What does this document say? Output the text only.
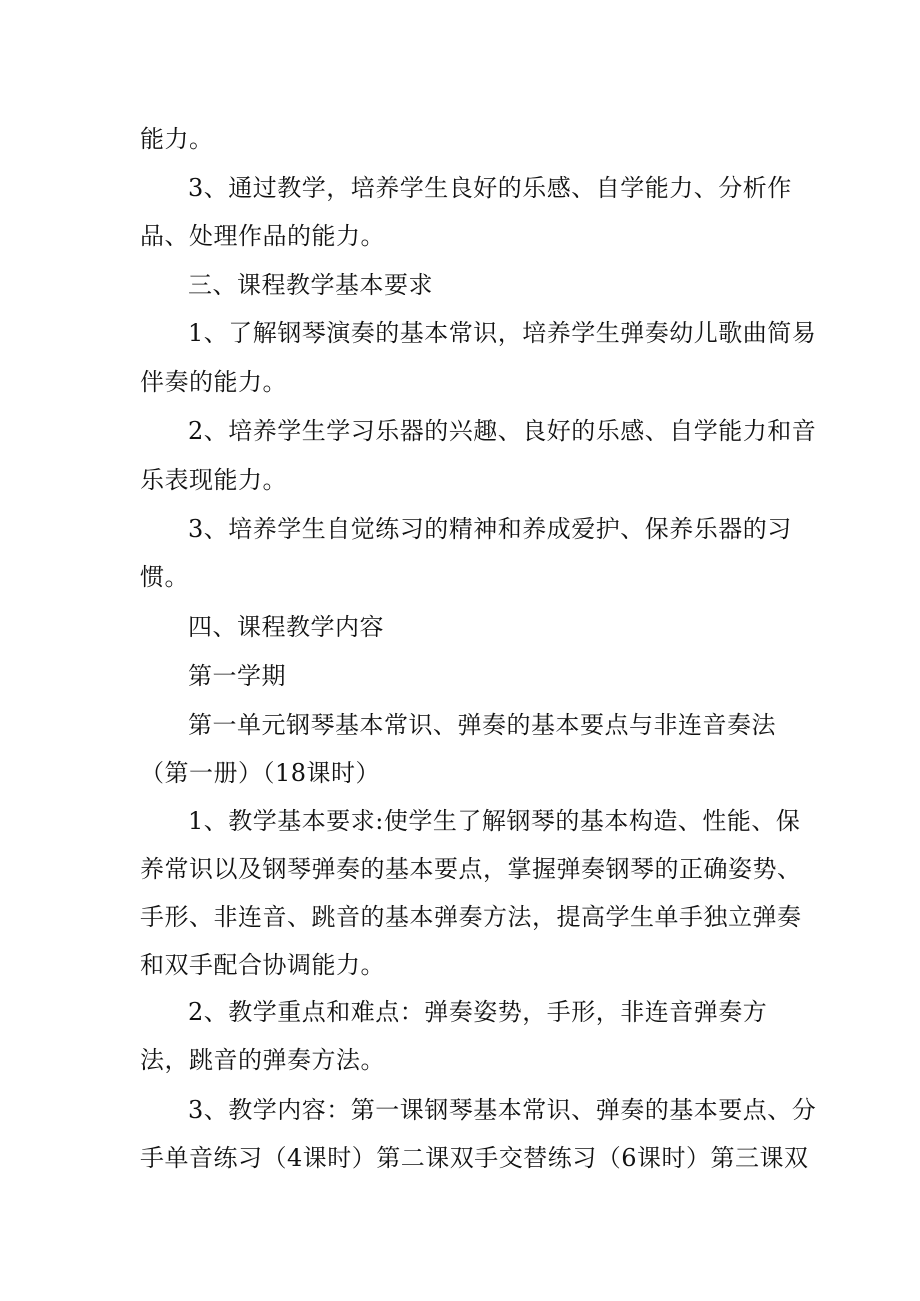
能力。
3、通过教学，培养学生良好的乐感、自学能力、分析作
品、处理作品的能力。
三、课程教学基本要求
1、了解钢琴演奏的基本常识，培养学生弹奏幼儿歌曲简易
伴奏的能力。
2、培养学生学习乐器的兴趣、良好的乐感、自学能力和音
乐表现能力。
3、培养学生自觉练习的精神和养成爱护、保养乐器的习
惯。
四、课程教学内容
第一学期
第一单元钢琴基本常识、弹奏的基本要点与非连音奏法
（第一册）（18课时）
1、教学基本要求:使学生了解钢琴的基本构造、性能、保
养常识以及钢琴弹奏的基本要点，掌握弹奏钢琴的正确姿势、
手形、非连音、跳音的基本弹奏方法，提高学生单手独立弹奏
和双手配合协调能力。
2、教学重点和难点：弹奏姿势，手形，非连音弹奏方
法，跳音的弹奏方法。
3、教学内容：第一课钢琴基本常识、弹奏的基本要点、分
手单音练习（4课时）第二课双手交替练习（6课时）第三课双
